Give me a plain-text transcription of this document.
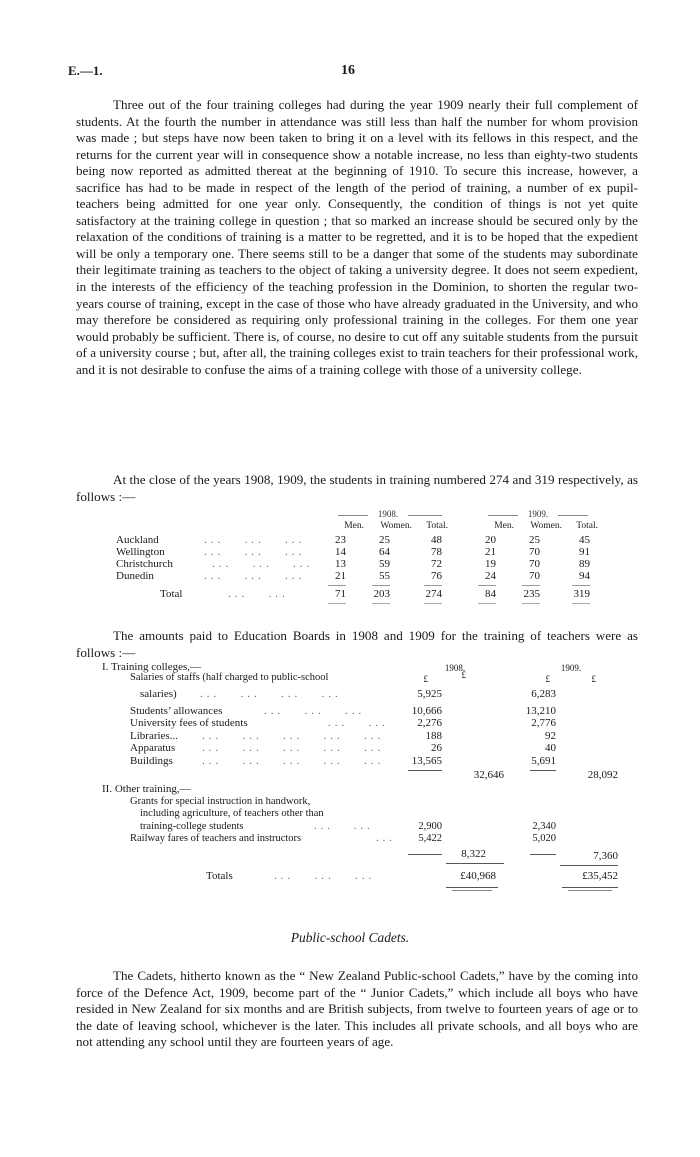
E.—1.	16

Three out of the four training colleges had during the year 1909 nearly their full complement of students. At the fourth the number in attendance was still less than half the number for whom provision was made ; but steps have now been taken to bring it on a level with its fellows in this respect, and the returns for the current year will in consequence show a notable increase, no less than eighty-two students being now reported as admitted thereat at the beginning of 1910. To secure this increase, however, a sacrifice has had to be made in respect of the length of the period of training, a number of ex pupil-teachers being admitted for one year only. Consequently, the condition of things is not yet quite satisfactory at the training college in question ; that so marked an increase should be secured only by the relaxation of the conditions of training is a matter to be regretted, and it is to be hoped that the expedient will be only a temporary one. There seems still to be a danger that some of the students may subordinate their legitimate training as teachers to the object of taking a university degree. It does not seem expedient, in the interests of the efficiency of the teaching profession in the Dominion, to shorten the regular two-years course of training, except in the case of those who have already graduated in the University, and who may therefore be considered as requiring only professional training in the colleges. For them one year would probably be sufficient. There is, of course, no desire to cut off any suitable students from the pursuit of a university course ; but, after all, the training colleges exist to train teachers for their professional work, and it is not desirable to confuse the aims of a training college with those of a university college.

At the close of the years 1908, 1909, the students in training numbered 274 and 319 respectively, as follows :—

1908.	1909.
Men.	Women.	Total.	Men.	Women.	Total.
Auckland	...   ...   ...	23	25	48	20	25	45
Wellington	...   ...   ...	14	64	78	21	70	91
Christchurch	...   ...   ...	13	59	72	19	70	89
Dunedin	...   ...   ...	21	55	76	24	70	94
Total	...   ...	71	203	274	84	235	319

The amounts paid to Education Boards in 1908 and 1909 for the training of teachers were as follows :—

I. Training colleges,—	1908.	1909.
Salaries of staffs (half charged to public-school	£	£	£	£
salaries) ...   ...   ...   ...	5,925	6,283
Students’ allowances	...   ...   ...	10,666	13,210
University fees of students	...   ...	2,276	2,776
Libraries... ...   ...   ...   ...   ...	188	92
Apparatus ...   ...   ...   ...   ...	26	40
Buildings	...   ...   ...   ...   ...	13,565	5,691
32,646	28,092
II. Other training,—
Grants for special instruction in handwork,
including agriculture, of teachers other than
training-college students	...   ...	2,900	2,340
Railway fares of teachers and instructors	...	5,422	5,020
8,322	7,360
Totals	...   ...   ...	£40,968	£35,452
Public-school Cadets.

The Cadets, hitherto known as the “ New Zealand Public-school Cadets,” have by the coming into force of the Defence Act, 1909, become part of the “ Junior Cadets,” which include all boys who have resided in New Zealand for six months and are British subjects, from twelve to fourteen years of age or to the date of leaving school, whichever is the later. This includes all private schools, and all boys who are not attending any school until they are fourteen years of age.
